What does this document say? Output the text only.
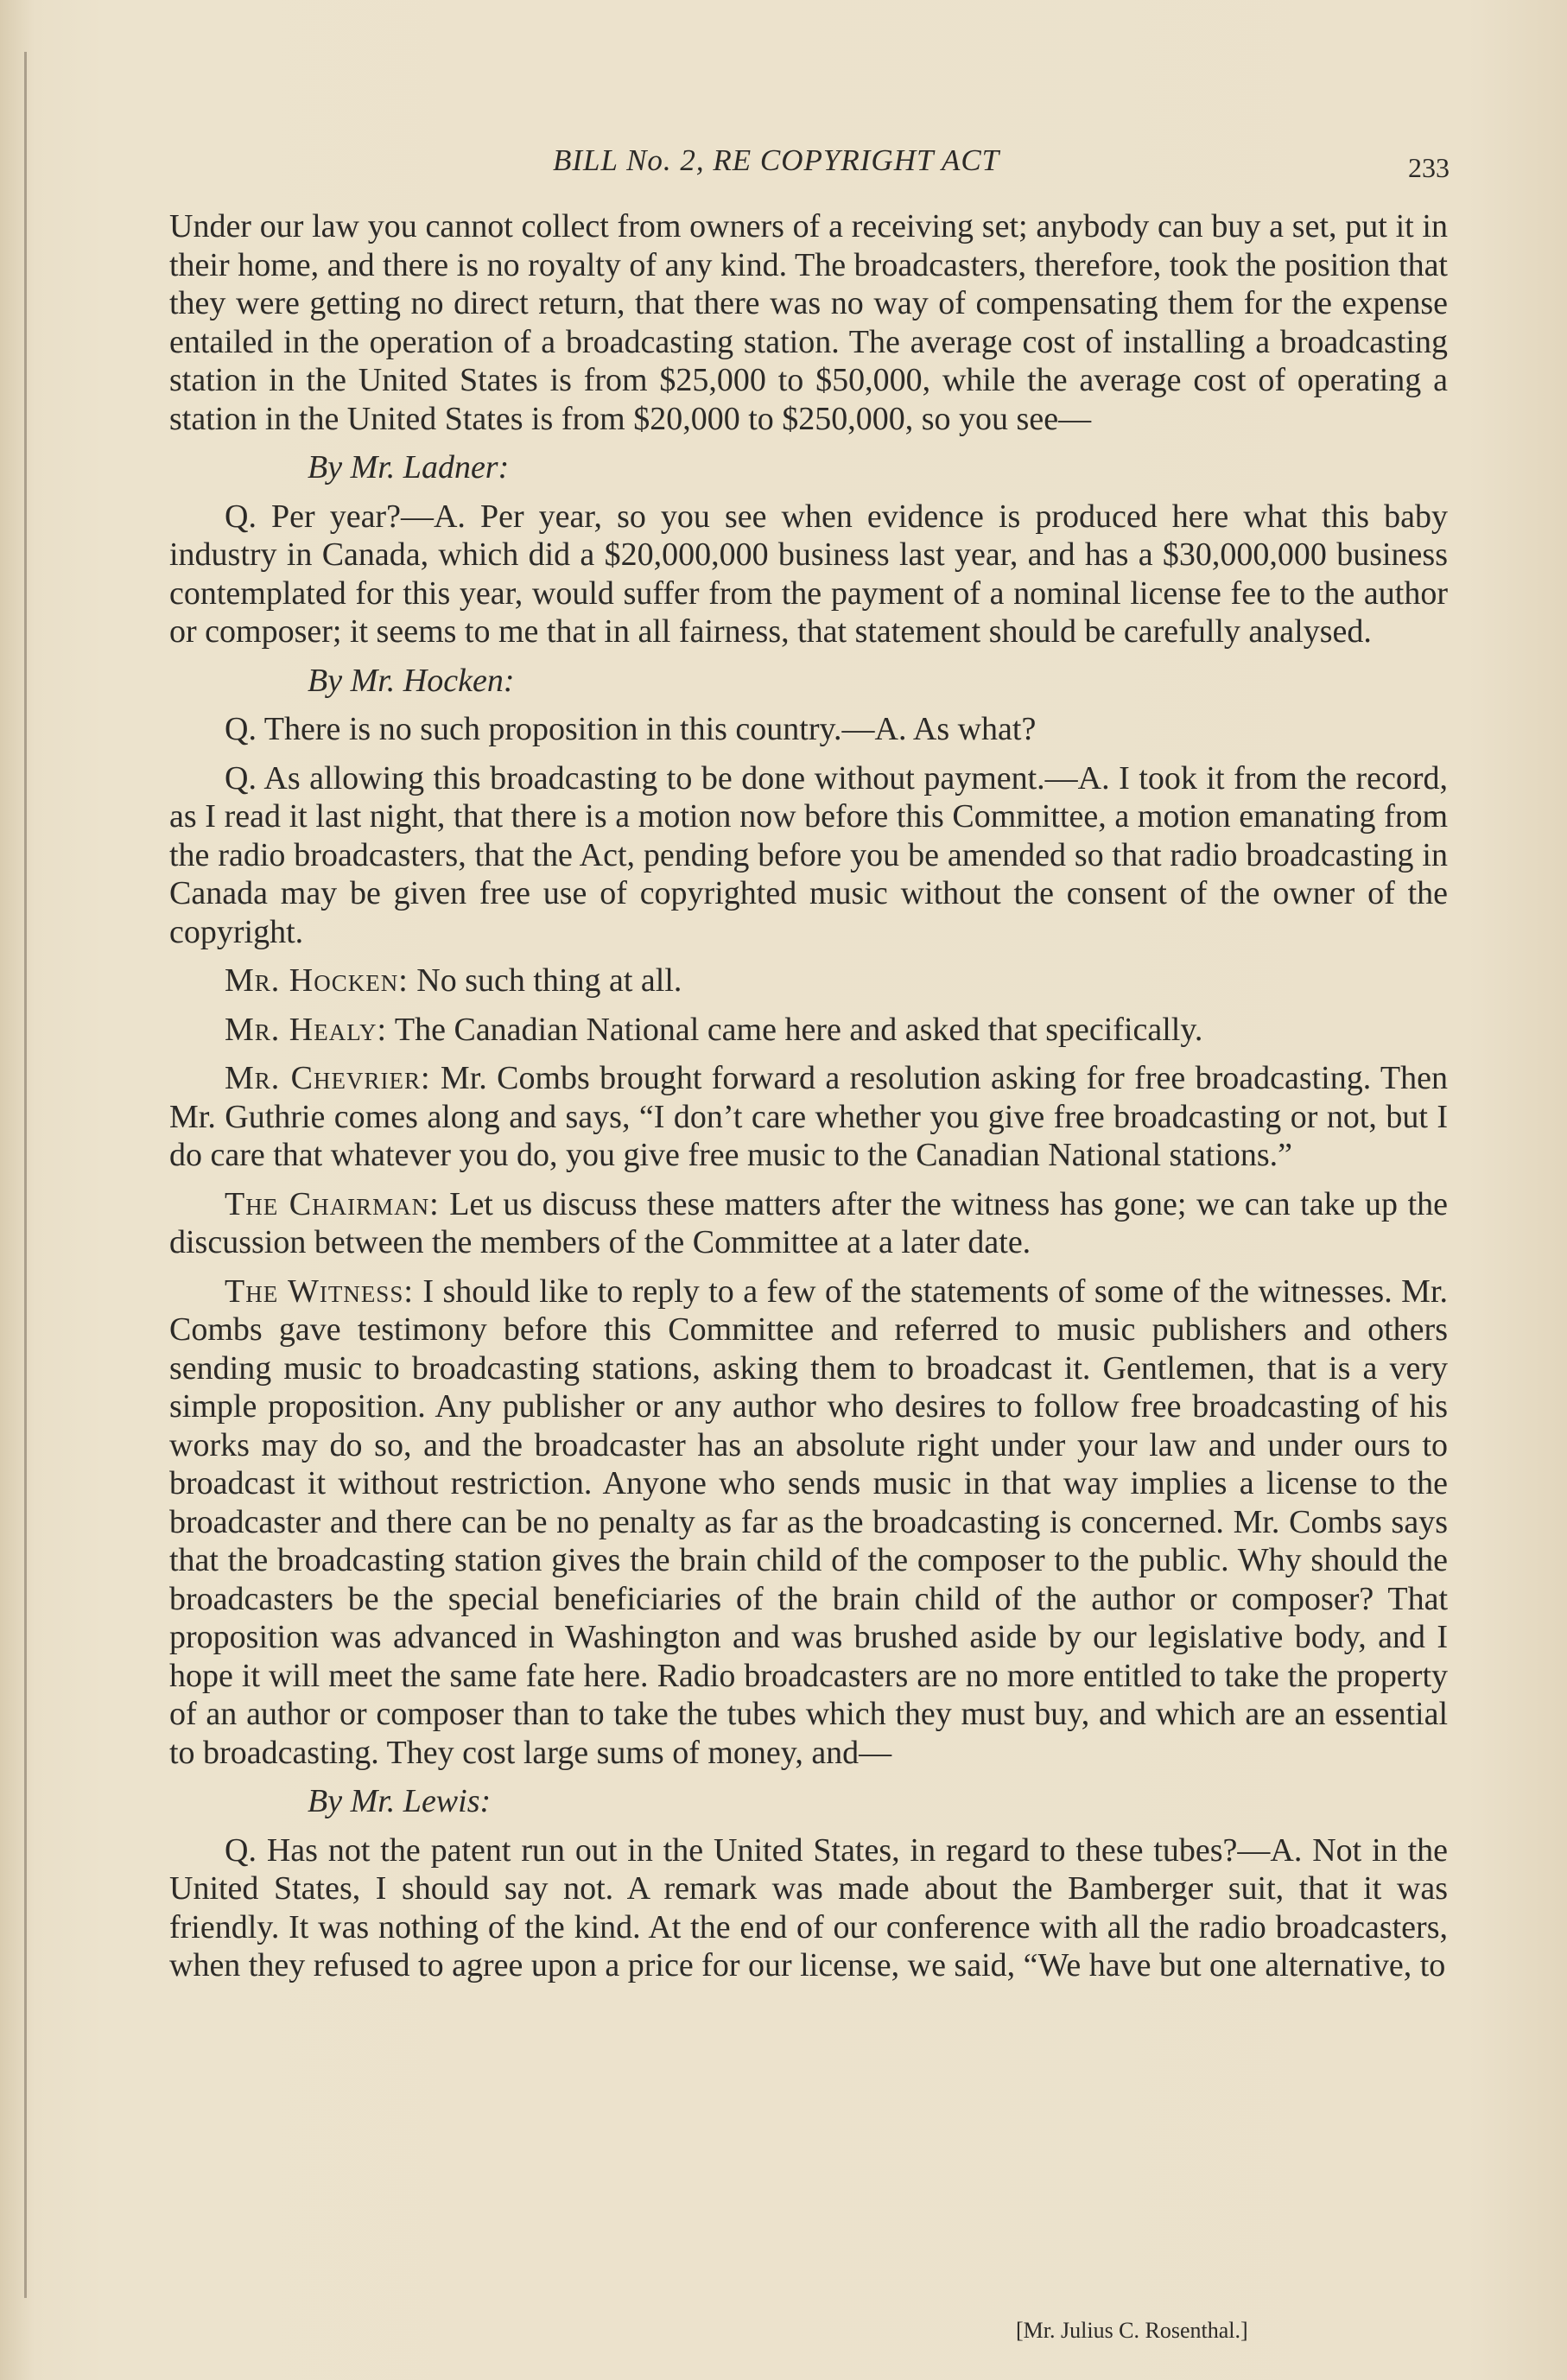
BILL No. 2, RE COPYRIGHT ACT	233

Under our law you cannot collect from owners of a receiving set; anybody can buy a set, put it in their home, and there is no royalty of any kind. The broadcasters, therefore, took the position that they were getting no direct return, that there was no way of compensating them for the expense entailed in the operation of a broadcasting station. The average cost of installing a broadcasting station in the United States is from $25,000 to $50,000, while the average cost of operating a station in the United States is from $20,000 to $250,000, so you see—

By Mr. Ladner:

Q. Per year?—A. Per year, so you see when evidence is produced here what this baby industry in Canada, which did a $20,000,000 business last year, and has a $30,000,000 business contemplated for this year, would suffer from the payment of a nominal license fee to the author or composer; it seems to me that in all fairness, that statement should be carefully analysed.

By Mr. Hocken:

Q. There is no such proposition in this country.—A. As what?

Q. As allowing this broadcasting to be done without payment.—A. I took it from the record, as I read it last night, that there is a motion now before this Committee, a motion emanating from the radio broadcasters, that the Act, pending before you be amended so that radio broadcasting in Canada may be given free use of copyrighted music without the consent of the owner of the copyright.

Mr. Hocken: No such thing at all.

Mr. Healy: The Canadian National came here and asked that specifically.

Mr. Chevrier: Mr. Combs brought forward a resolution asking for free broadcasting. Then Mr. Guthrie comes along and says, “I don’t care whether you give free broadcasting or not, but I do care that whatever you do, you give free music to the Canadian National stations.”

The Chairman: Let us discuss these matters after the witness has gone; we can take up the discussion between the members of the Committee at a later date.

The Witness: I should like to reply to a few of the statements of some of the witnesses. Mr. Combs gave testimony before this Committee and referred to music publishers and others sending music to broadcasting stations, asking them to broadcast it. Gentlemen, that is a very simple proposition. Any publisher or any author who desires to follow free broadcasting of his works may do so, and the broadcaster has an absolute right under your law and under ours to broadcast it without restriction. Anyone who sends music in that way implies a license to the broadcaster and there can be no penalty as far as the broadcasting is concerned. Mr. Combs says that the broadcasting station gives the brain child of the composer to the public. Why should the broadcasters be the special beneficiaries of the brain child of the author or composer? That proposition was advanced in Washington and was brushed aside by our legislative body, and I hope it will meet the same fate here. Radio broadcasters are no more entitled to take the property of an author or composer than to take the tubes which they must buy, and which are an essential to broadcasting. They cost large sums of money, and—

By Mr. Lewis:

Q. Has not the patent run out in the United States, in regard to these tubes?—A. Not in the United States, I should say not. A remark was made about the Bamberger suit, that it was friendly. It was nothing of the kind. At the end of our conference with all the radio broadcasters, when they refused to agree upon a price for our license, we said, “We have but one alternative, to

[Mr. Julius C. Rosenthal.]
